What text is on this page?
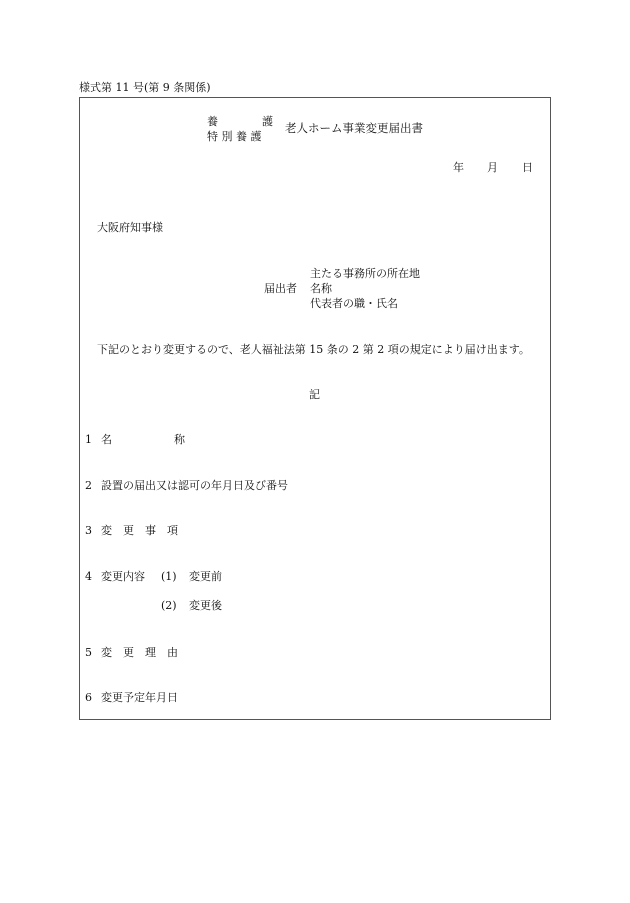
様式第 11 号(第 9 条関係)
養	護
特 別 養 護
老人ホーム事業変更届出書
年 月 日
大阪府知事様
届出者
主たる事務所の所在地
名称
代表者の職・氏名
下記のとおり変更するので、老人福祉法第 15 条の 2 第 2 項の規定により届け出ます。
記
1 名	称
2 設置の届出又は認可の年月日及び番号
3 変　更　事　項
4 変更内容 (1) 変更前
(2) 変更後
5 変　更　理　由
6 変更予定年月日
